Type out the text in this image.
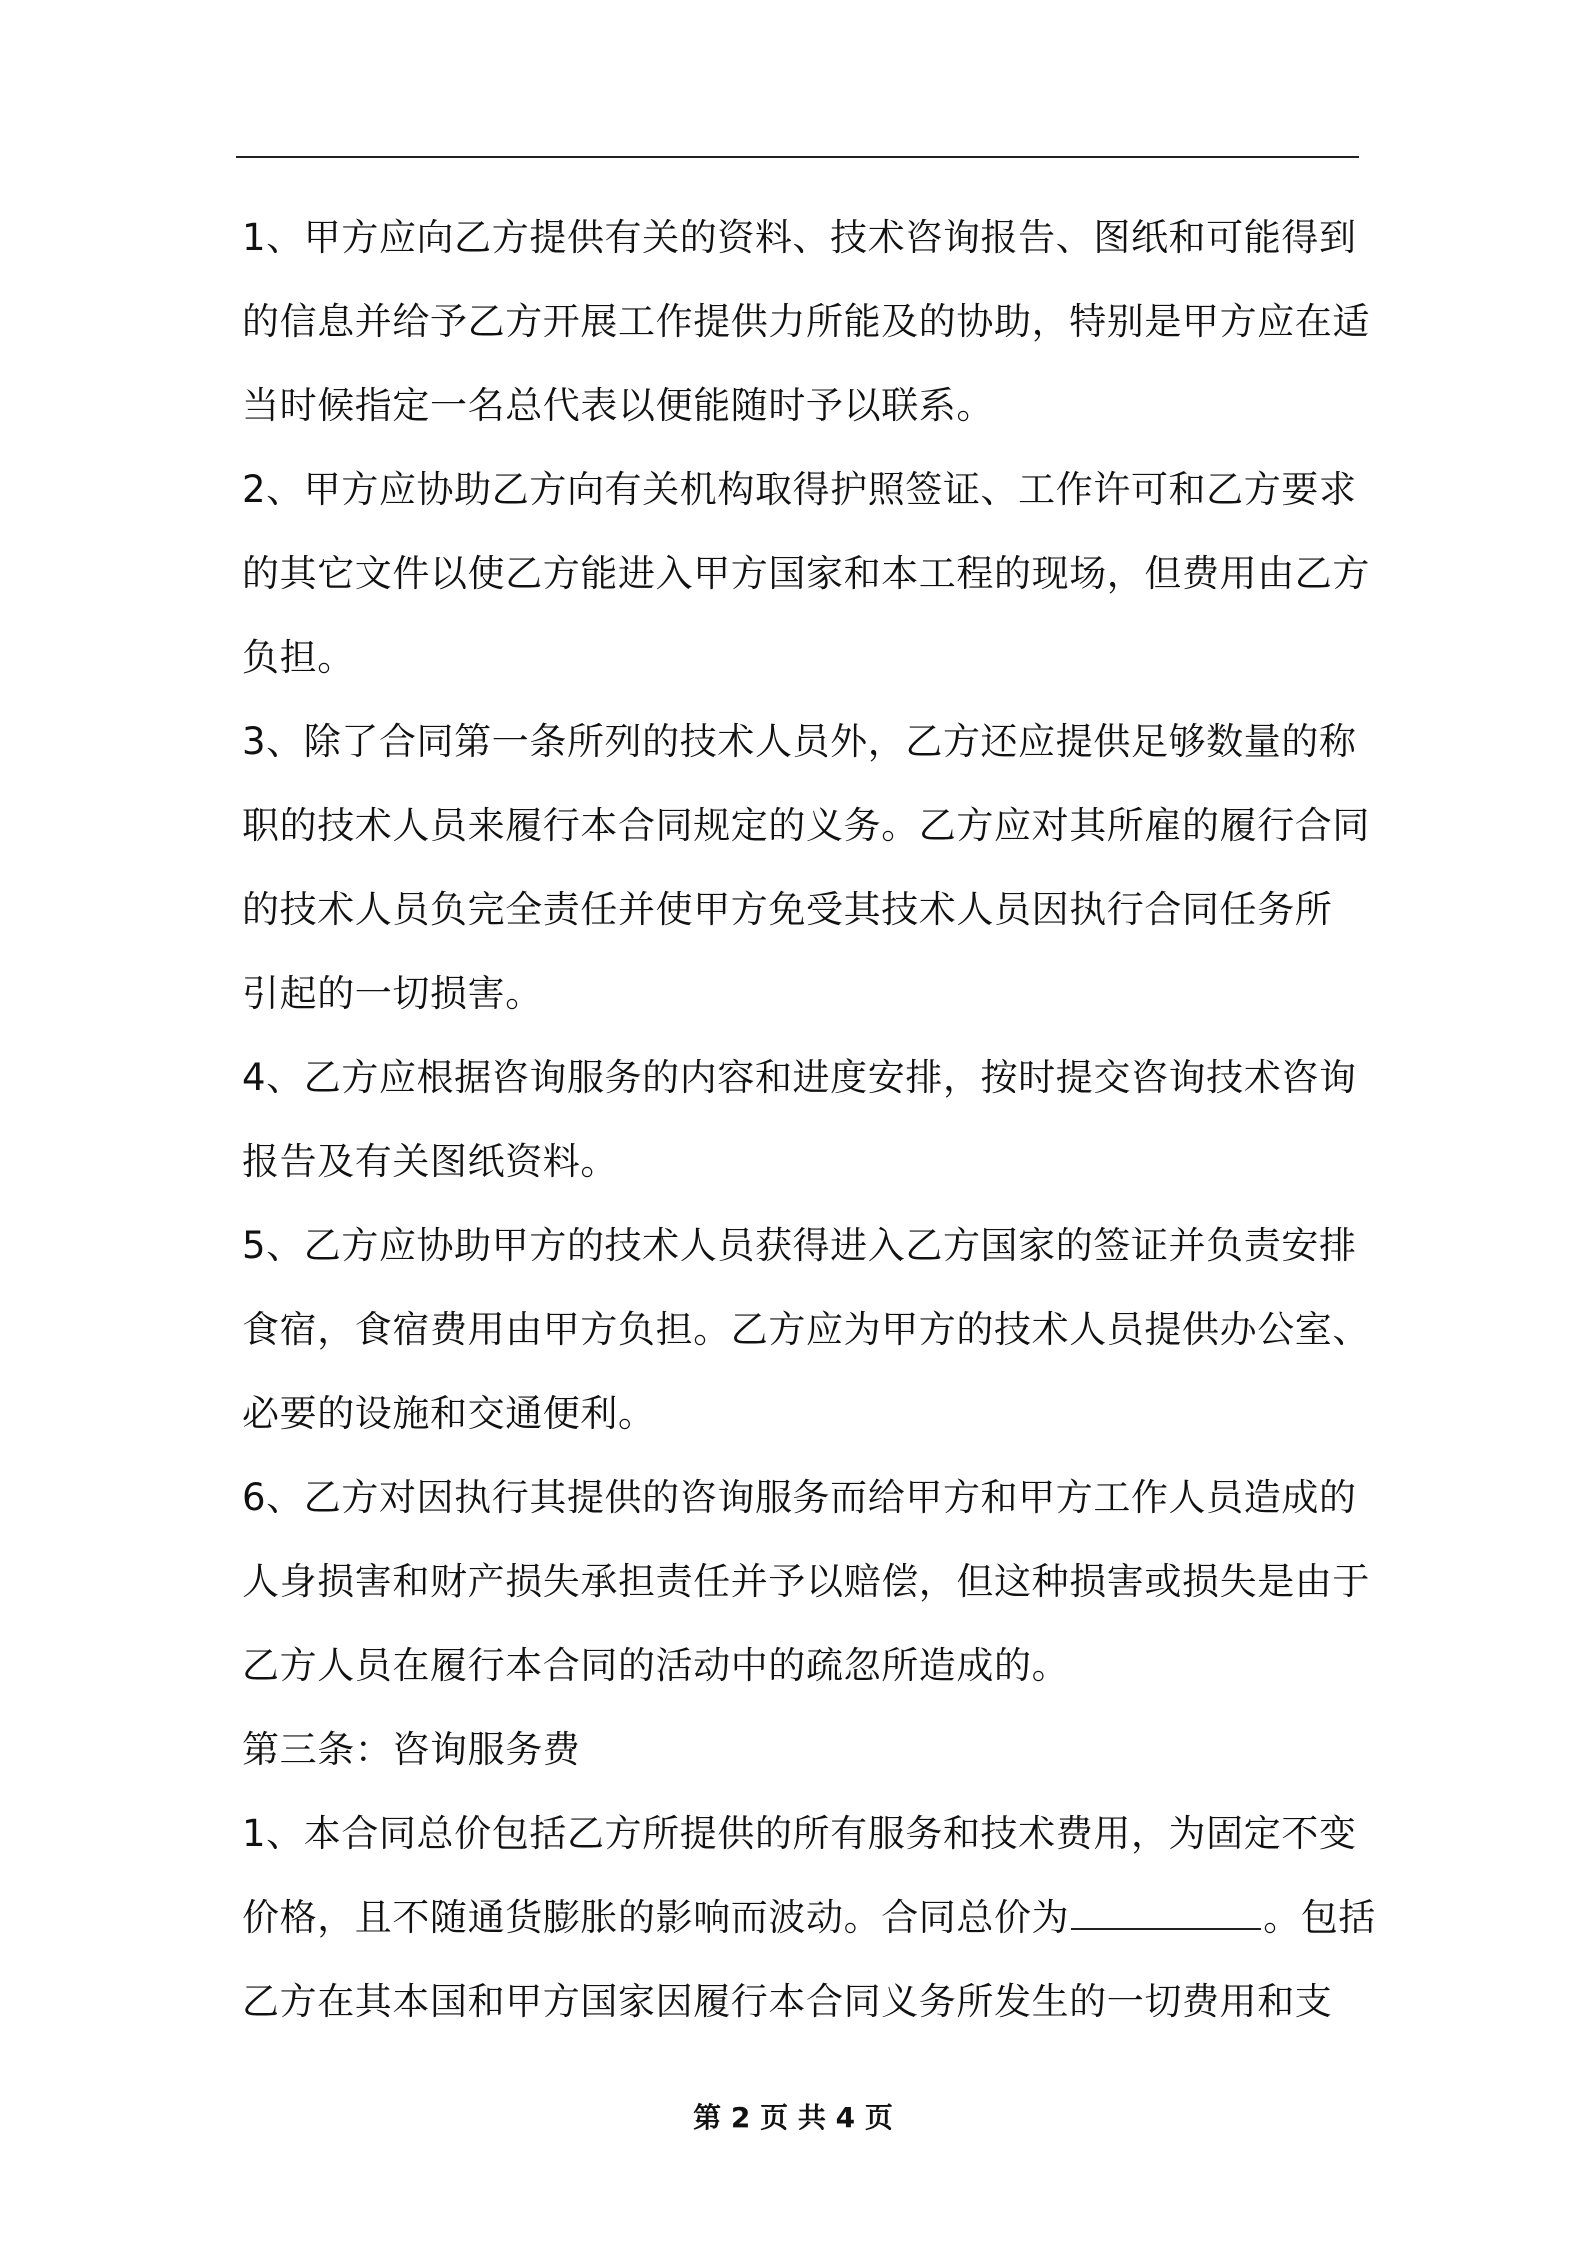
1、甲方应向乙方提供有关的资料、技术咨询报告、图纸和可能得到
的信息并给予乙方开展工作提供力所能及的协助，特别是甲方应在适
当时候指定一名总代表以便能随时予以联系。
2、甲方应协助乙方向有关机构取得护照签证、工作许可和乙方要求
的其它文件以使乙方能进入甲方国家和本工程的现场，但费用由乙方
负担。
3、除了合同第一条所列的技术人员外，乙方还应提供足够数量的称
职的技术人员来履行本合同规定的义务。乙方应对其所雇的履行合同
的技术人员负完全责任并使甲方免受其技术人员因执行合同任务所
引起的一切损害。
4、乙方应根据咨询服务的内容和进度安排，按时提交咨询技术咨询
报告及有关图纸资料。
5、乙方应协助甲方的技术人员获得进入乙方国家的签证并负责安排
食宿，食宿费用由甲方负担。乙方应为甲方的技术人员提供办公室、
必要的设施和交通便利。
6、乙方对因执行其提供的咨询服务而给甲方和甲方工作人员造成的
人身损害和财产损失承担责任并予以赔偿，但这种损害或损失是由于
乙方人员在履行本合同的活动中的疏忽所造成的。
第三条：咨询服务费
1、本合同总价包括乙方所提供的所有服务和技术费用，为固定不变
价格，且不随通货膨胀的影响而波动。合同总价为	。包括
乙方在其本国和甲方国家因履行本合同义务所发生的一切费用和支
第 2 页 共 4 页
